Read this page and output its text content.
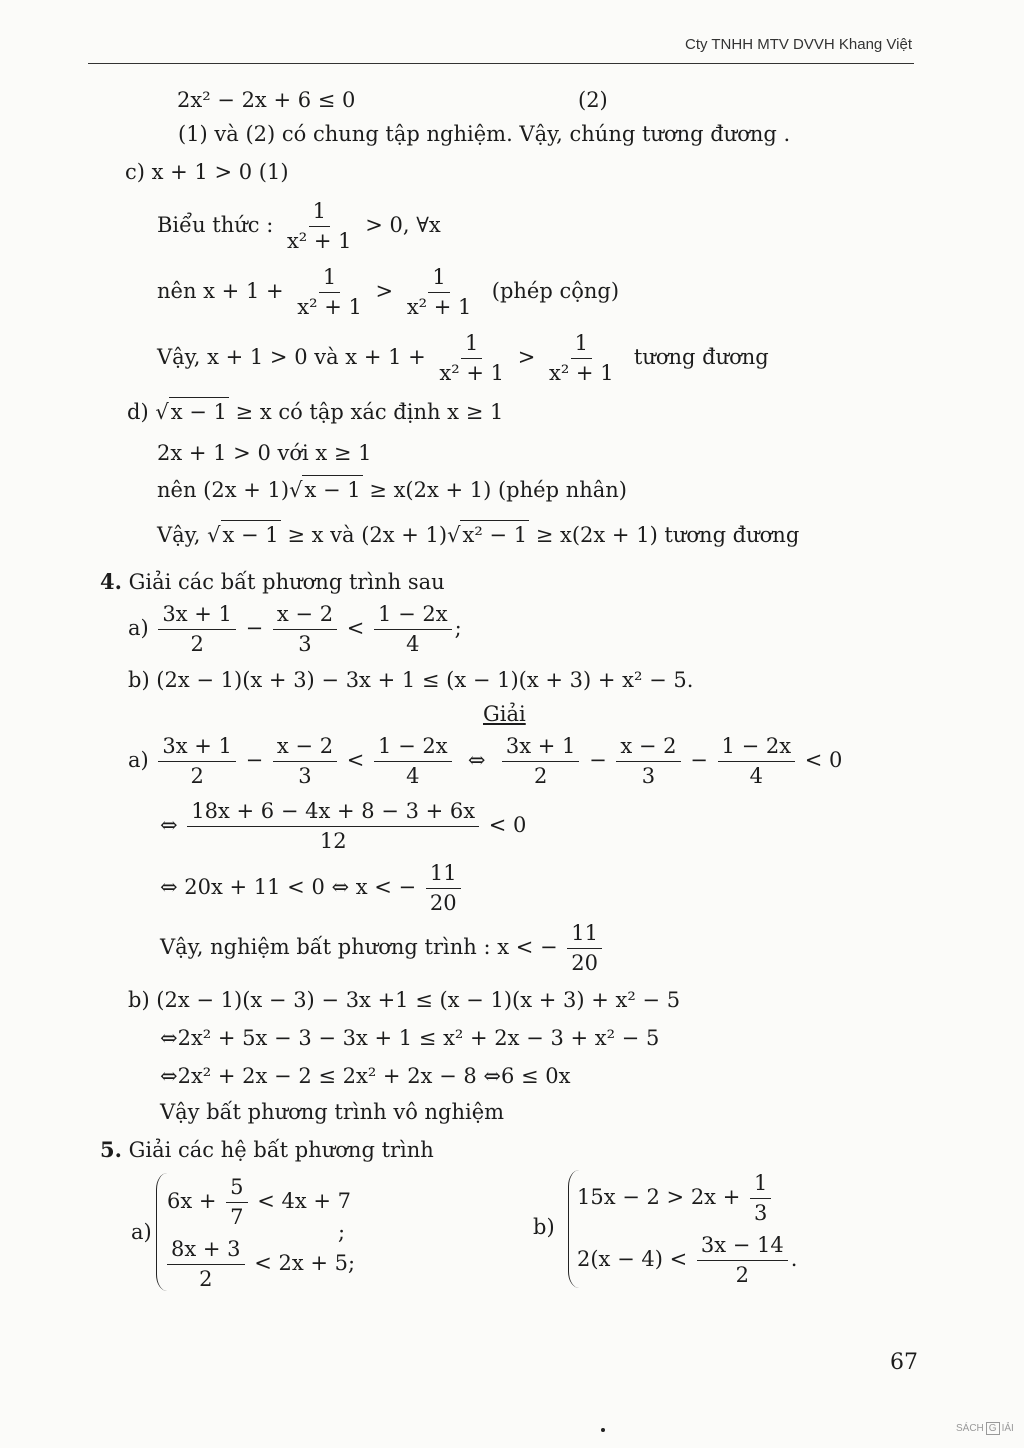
Cty TNHH MTV DVVH Khang Việt
2x² − 2x + 6 ≤ 0	(2)
(1) và (2) có chung tập nghiệm. Vậy, chúng tương đương .
c) x + 1 > 0 (1)
Biểu thức : $\frac{1}{\text{x² + 1}} > 0$, ∀x
nên $x + 1 + \frac{1}{\text{x² + 1}} > \frac{1}{\text{x² + 1}}$ (phép cộng)
Vậy, x + 1 > 0 và $x + 1 + \frac{1}{\text{x² + 1}} > \frac{1}{\text{x² + 1}}$ tương đương
d) √x − 1 ≥ x có tập xác định x ≥ 1
2x + 1 > 0 với x ≥ 1
nên (2x + 1)√x − 1 ≥ x(2x + 1) (phép nhân)
Vậy, √x − 1 ≥ x và (2x + 1)√x² − 1 ≥ x(2x + 1) tương đương
4. Giải các bất phương trình sau
$a) \frac{3x + 1}{2} - \frac{x - 2}{3} < \frac{1 - 2x}{4}$ ;
b) (2x − 1)(x + 3) − 3x + 1 ≤ (x − 1)(x + 3) + x² − 5.
Giải
$a) \frac{3x + 1}{2} - \frac{x - 2}{3} < \frac{1 - 2x}{4}$ ⇔ $\frac{3x + 1}{2} - \frac{x - 2}{3} - \frac{1 - 2x}{4} < 0$
⇔ $\frac{18x + 6 - 4x + 8 - 3 + 6x}{12} < 0$
⇔ 20x + 11 < 0 ⇔ x < − $\frac{11}{20}$
Vậy, nghiệm bất phương trình : x < − $\frac{11}{20}$
b) (2x − 1)(x − 3) − 3x +1 ≤ (x − 1)(x + 3) + x² − 5
⇔2x² + 5x − 3 − 3x + 1 ≤ x² + 2x − 3 + x² − 5
⇔2x² + 2x − 2 ≤ 2x² + 2x − 8 ⇔6 ≤ 0x
Vậy bất phương trình vô nghiệm
5. Giải các hệ bất phương trình
a)
$6x + \frac{5}{7} < 4x + 7$
;
$\frac{8x + 3}{2} < 2x + 5$;
b)
$15x - 2 > 2x + \frac{1}{3}$
$2(x - 4) < \frac{3x - 14}{2}$ .
67
SÁCH G IẢI
